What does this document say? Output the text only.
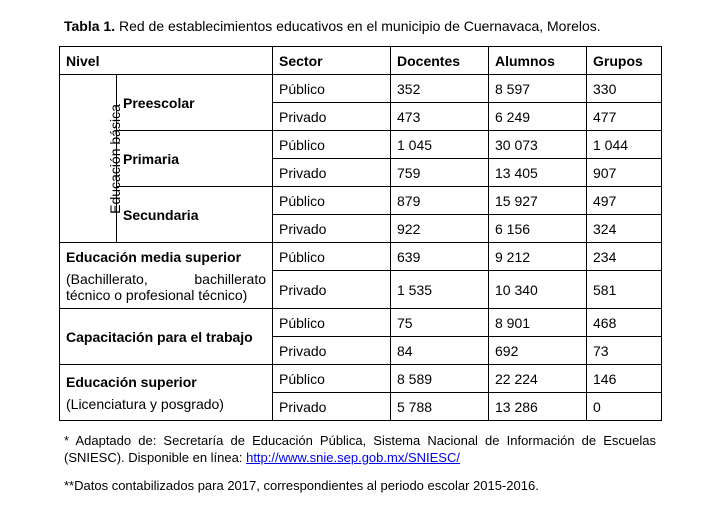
Tabla 1. Red de establecimientos educativos en el municipio de Cuernavaca, Morelos.
Nivel		Sector	Docentes	Alumnos	Grupos
Educación básica	Preescolar	Público	352	8 597	330
		Privado	473	6 249	477
	Primaria	Público	1 045	30 073	1 044
		Privado	759	13 405	907
	Secundaria	Público	879	15 927	497
		Privado	922	6 156	324
Educación media superior
(Bachillerato, bachillerato
técnico o profesional técnico)		Público	639	9 212	234
		Privado	1 535	10 340	581
Capacitación para el trabajo		Público	75	8 901	468
		Privado	84	692	73
Educación superior
(Licenciatura y posgrado)		Público	8 589	22 224	146
		Privado	5 788	13 286	0
* Adaptado de: Secretaría de Educación Pública, Sistema Nacional de Información de Escuelas (SNIESC). Disponible en línea: http://www.snie.sep.gob.mx/SNIESC/
**Datos contabilizados para 2017, correspondientes al periodo escolar 2015-2016.
